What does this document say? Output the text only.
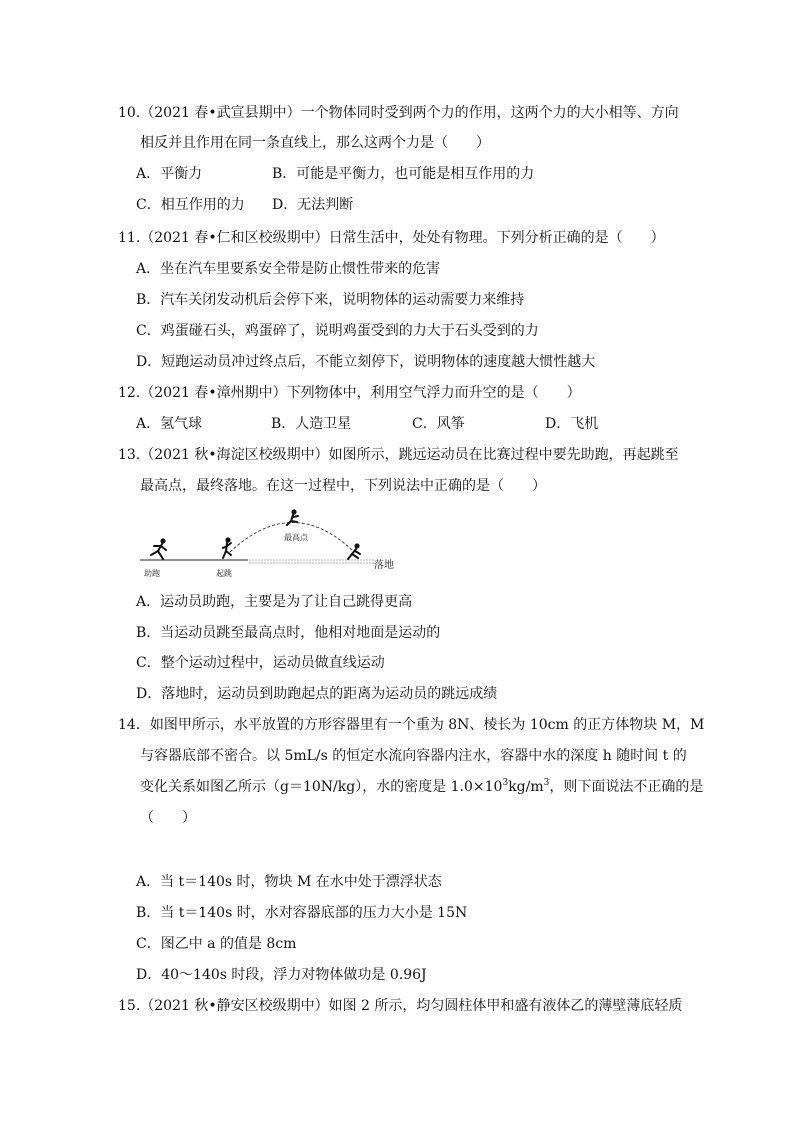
10.（2021 春•武宣县期中）一个物体同时受到两个力的作用，这两个力的大小相等、方向
相反并且作用在同一条直线上，那么这两个力是（　　）
A．平衡力	B．可能是平衡力，也可能是相互作用的力
C．相互作用的力 D．无法判断
11.（2021 春•仁和区校级期中）日常生活中，处处有物理。下列分析正确的是（　　）
A．坐在汽车里要系安全带是防止惯性带来的危害
B．汽车关闭发动机后会停下来，说明物体的运动需要力来维持
C．鸡蛋碰石头，鸡蛋碎了，说明鸡蛋受到的力大于石头受到的力
D．短跑运动员冲过终点后，不能立刻停下，说明物体的速度越大惯性越大
12.（2021 春•漳州期中）下列物体中，利用空气浮力而升空的是（　　）
A．氢气球	B．人造卫星	C．风筝	D．飞机
13.（2021 秋•海淀区校级期中）如图所示，跳远运动员在比赛过程中要先助跑，再起跳至
最高点，最终落地。在这一过程中，下列说法中正确的是（　　）
助跑	起跳
最高点
落地
A．运动员助跑，主要是为了让自己跳得更高
B．当运动员跳至最高点时，他相对地面是运动的
C．整个运动过程中，运动员做直线运动
D．落地时，运动员到助跑起点的距离为运动员的跳远成绩
14．如图甲所示，水平放置的方形容器里有一个重为 8N、棱长为 10cm 的正方体物块 M，M
与容器底部不密合。以 5mL/s 的恒定水流向容器内注水，容器中水的深度 h 随时间 t 的
变化关系如图乙所示（g＝10N/kg），水的密度是 $1.0\times 10^3kg/m^3$，则下面说法不正确的是
（　　）
A．当 t＝140s 时，物块 M 在水中处于漂浮状态
B．当 t＝140s 时，水对容器底部的压力大小是 15N
C．图乙中 a 的值是 8cm
D．40～140s 时段，浮力对物体做功是 0.96J
15.（2021 秋•静安区校级期中）如图 2 所示，均匀圆柱体甲和盛有液体乙的薄壁薄底轻质
